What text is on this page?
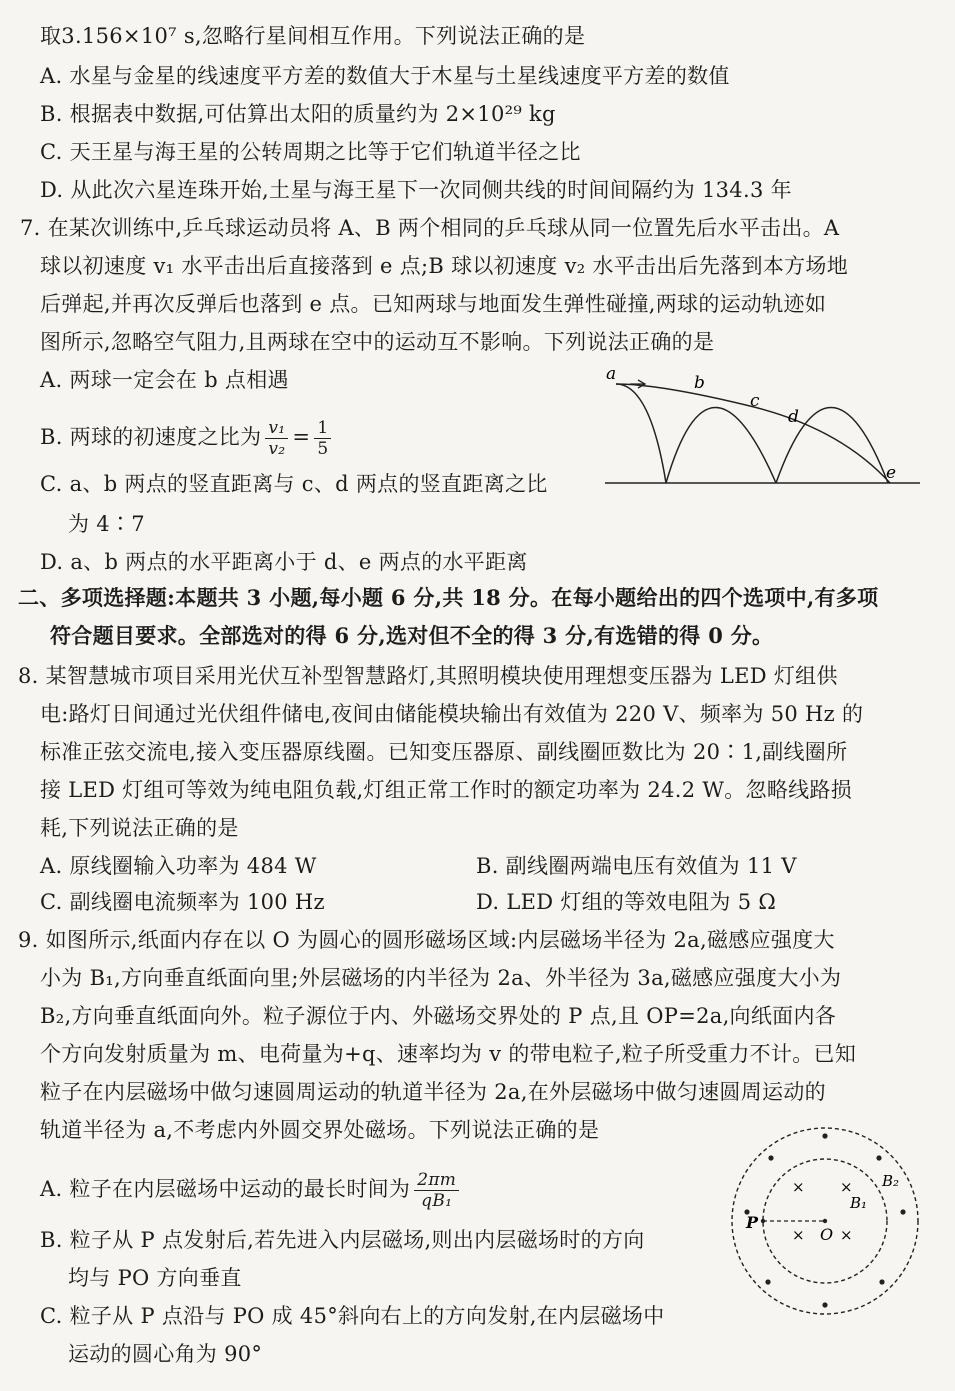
取3.156×10⁷ s,忽略行星间相互作用。下列说法正确的是
A. 水星与金星的线速度平方差的数值大于木星与土星线速度平方差的数值
B. 根据表中数据,可估算出太阳的质量约为 2×10²⁹ kg
C. 天王星与海王星的公转周期之比等于它们轨道半径之比
D. 从此次六星连珠开始,土星与海王星下一次同侧共线的时间间隔约为 134.3 年
7. 在某次训练中,乒乓球运动员将 A、B 两个相同的乒乓球从同一位置先后水平击出。A
球以初速度 v₁ 水平击出后直接落到 e 点;B 球以初速度 v₂ 水平击出后先落到本方场地
后弹起,并再次反弹后也落到 e 点。已知两球与地面发生弹性碰撞,两球的运动轨迹如
图所示,忽略空气阻力,且两球在空中的运动互不影响。下列说法正确的是
A. 两球一定会在 b 点相遇
B. 两球的初速度之比为 $\frac{\text{v₁}}{\text{v₂}} = \frac{1}{5}$
C. a、b 两点的竖直距离与 c、d 两点的竖直距离之比
为 4∶7
D. a、b 两点的水平距离小于 d、e 两点的水平距离
a	b
c
d
e
二、多项选择题:本题共 3 小题,每小题 6 分,共 18 分。在每小题给出的四个选项中,有多项
符合题目要求。全部选对的得 6 分,选对但不全的得 3 分,有选错的得 0 分。
8. 某智慧城市项目采用光伏互补型智慧路灯,其照明模块使用理想变压器为 LED 灯组供
电:路灯日间通过光伏组件储电,夜间由储能模块输出有效值为 220 V、频率为 50 Hz 的
标准正弦交流电,接入变压器原线圈。已知变压器原、副线圈匝数比为 20∶1,副线圈所
接 LED 灯组可等效为纯电阻负载,灯组正常工作时的额定功率为 24.2 W。忽略线路损
耗,下列说法正确的是
A. 原线圈输入功率为 484 W	B. 副线圈两端电压有效值为 11 V
C. 副线圈电流频率为 100 Hz	D. LED 灯组的等效电阻为 5 Ω
9. 如图所示,纸面内存在以 O 为圆心的圆形磁场区域:内层磁场半径为 2a,磁感应强度大
小为 B₁,方向垂直纸面向里;外层磁场的内半径为 2a、外半径为 3a,磁感应强度大小为
B₂,方向垂直纸面向外。粒子源位于内、外磁场交界处的 P 点,且 OP=2a,向纸面内各
个方向发射质量为 m、电荷量为+q、速率均为 v 的带电粒子,粒子所受重力不计。已知
粒子在内层磁场中做匀速圆周运动的轨道半径为 2a,在外层磁场中做匀速圆周运动的
轨道半径为 a,不考虑内外圆交界处磁场。下列说法正确的是
A. 粒子在内层磁场中运动的最长时间为 $\frac{2\pi m}{\text{qB₁}}$
B. 粒子从 P 点发射后,若先进入内层磁场,则出内层磁场时的方向
均与 PO 方向垂直
C. 粒子从 P 点沿与 PO 成 45°斜向右上的方向发射,在内层磁场中
运动的圆心角为 90°
× ×
× ×
P
O
B₁
B₂
